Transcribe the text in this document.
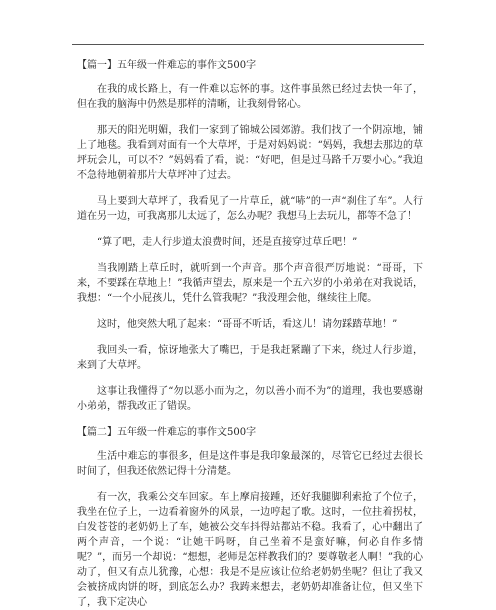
【篇一】五年级一件难忘的事作文500字

在我的成长路上，有一件难以忘怀的事。这件事虽然已经过去快一年了，但在我的脑海中仍然是那样的清晰，让我刻骨铭心。

那天的阳光明媚，我们一家到了锦城公园郊游。我们找了一个阴凉地，铺上了地毯。我看到对面有一个大草坪，于是对妈妈说：“妈妈，我想去那边的草坪玩会儿，可以不？”妈妈看了看，说：“好吧，但是过马路千万要小心。”我迫不急待地朝着那片大草坪冲了过去。

马上要到大草坪了，我看见了一片草丘，就“哧”的一声“刹住了车”。人行道在另一边，可我离那儿太远了，怎么办呢？我想马上去玩儿，都等不急了！

“算了吧，走人行步道太浪费时间，还是直接穿过草丘吧！”

当我刚踏上草丘时，就听到一个声音。那个声音很严厉地说：“哥哥，下来，不要踩在草地上！”我循声望去，原来是一个五六岁的小弟弟在对我说话，我想：“一个小屁孩儿，凭什么管我呢？”我没理会他，继续往上爬。

这时，他突然大吼了起来：“哥哥不听话，看这儿！请勿踩踏草地！”

我回头一看，惊讶地张大了嘴巴，于是我赶紧蹦了下来，绕过人行步道，来到了大草坪。

这事让我懂得了“勿以恶小而为之，勿以善小而不为”的道理，我也要感谢小弟弟，帮我改正了错误。

【篇二】五年级一件难忘的事作文500字

生活中难忘的事很多，但是这件事是我印象最深的，尽管它已经过去很长时间了，但我还依然记得十分清楚。

有一次，我乘公交车回家。车上摩肩接踵，还好我腿脚利索抢了个位子，我坐在位子上，一边看着窗外的风景，一边哼起了歌。这时，一位拄着拐杖，白发苍苍的老奶奶上了车，她被公交车抖得站都站不稳。我看了，心中翻出了两个声音，一个说：“让她干吗呀，自己坐着不是蛮好嘛，何必自作多情呢？”，而另一个却说：“想想，老师是怎样教我们的？要尊敬老人啊！”我的心动了，但又有点儿犹豫，心想：我是不是应该让位给老奶奶坐呢？但让了我又会被挤成肉饼的呀，到底怎么办？我踌来想去，老奶奶却准备让位，但又坐下了，我下定决心
